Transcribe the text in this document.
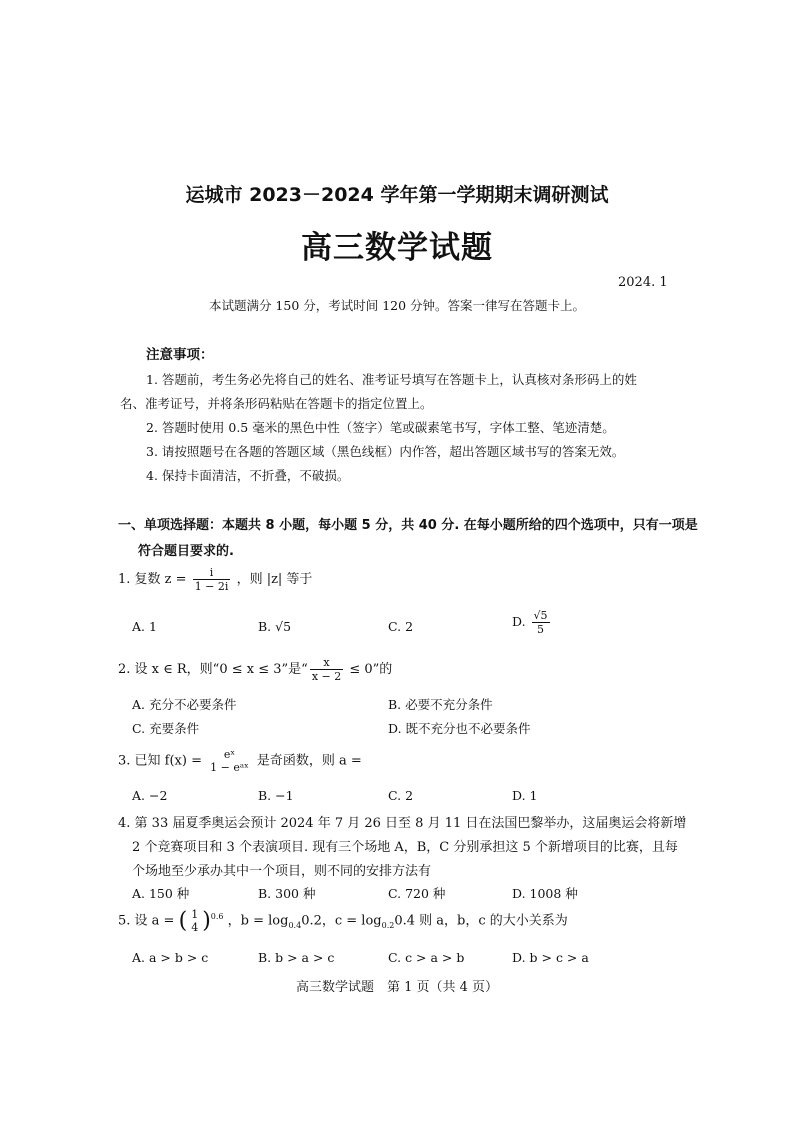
运城市 2023－2024 学年第一学期期末调研测试
高三数学试题
2024. 1
本试题满分 150 分，考试时间 120 分钟。答案一律写在答题卡上。
注意事项：
1. 答题前，考生务必先将自己的姓名、准考证号填写在答题卡上，认真核对条形码上的姓
名、准考证号，并将条形码粘贴在答题卡的指定位置上。
2. 答题时使用 0.5 毫米的黑色中性（签字）笔或碳素笔书写，字体工整、笔迹清楚。
3. 请按照题号在各题的答题区域（黑色线框）内作答，超出答题区域书写的答案无效。
4. 保持卡面清洁，不折叠，不破损。
一、单项选择题：本题共 8 小题，每小题 5 分，共 40 分. 在每小题所给的四个选项中，只有一项是
符合题目要求的.
1. 复数 $z = \frac{i}{1 - 2i}$ ，则 |z| 等于
A. 1	B. √5	C. 2	D. $\frac{√5}{5}$
2. 设 x ∈ R，则“0 ≤ x ≤ 3”是“ $\frac{x}{x - 2} \le 0$”的
A. 充分不必要条件	B. 必要不充分条件
C. 充要条件	D. 既不充分也不必要条件
3. 已知 f(x) = eˣ
1 − eᵃˣ 是奇函数，则 a =
A. −2	B. −1	C. 2	D. 1
4. 第 33 届夏季奥运会预计 2024 年 7 月 26 日至 8 月 11 日在法国巴黎举办，这届奥运会将新增
2 个竞赛项目和 3 个表演项目. 现有三个场地 A，B，C 分别承担这 5 个新增项目的比赛，且每
个场地至少承办其中一个项目，则不同的安排方法有
A. 150 种	B. 300 种	C. 720 种	D. 1008 种
5. 设 a = ( 1
4 )$^{0.6}$ ，$b = \log_{0.4}0.2$，$c = \log_{0.2}0.4$ 则 a，b，c 的大小关系为
A. a > b > c	B. b > a > c	C. c > a > b	D. b > c > a
高三数学试题　第 1 页（共 4 页）
